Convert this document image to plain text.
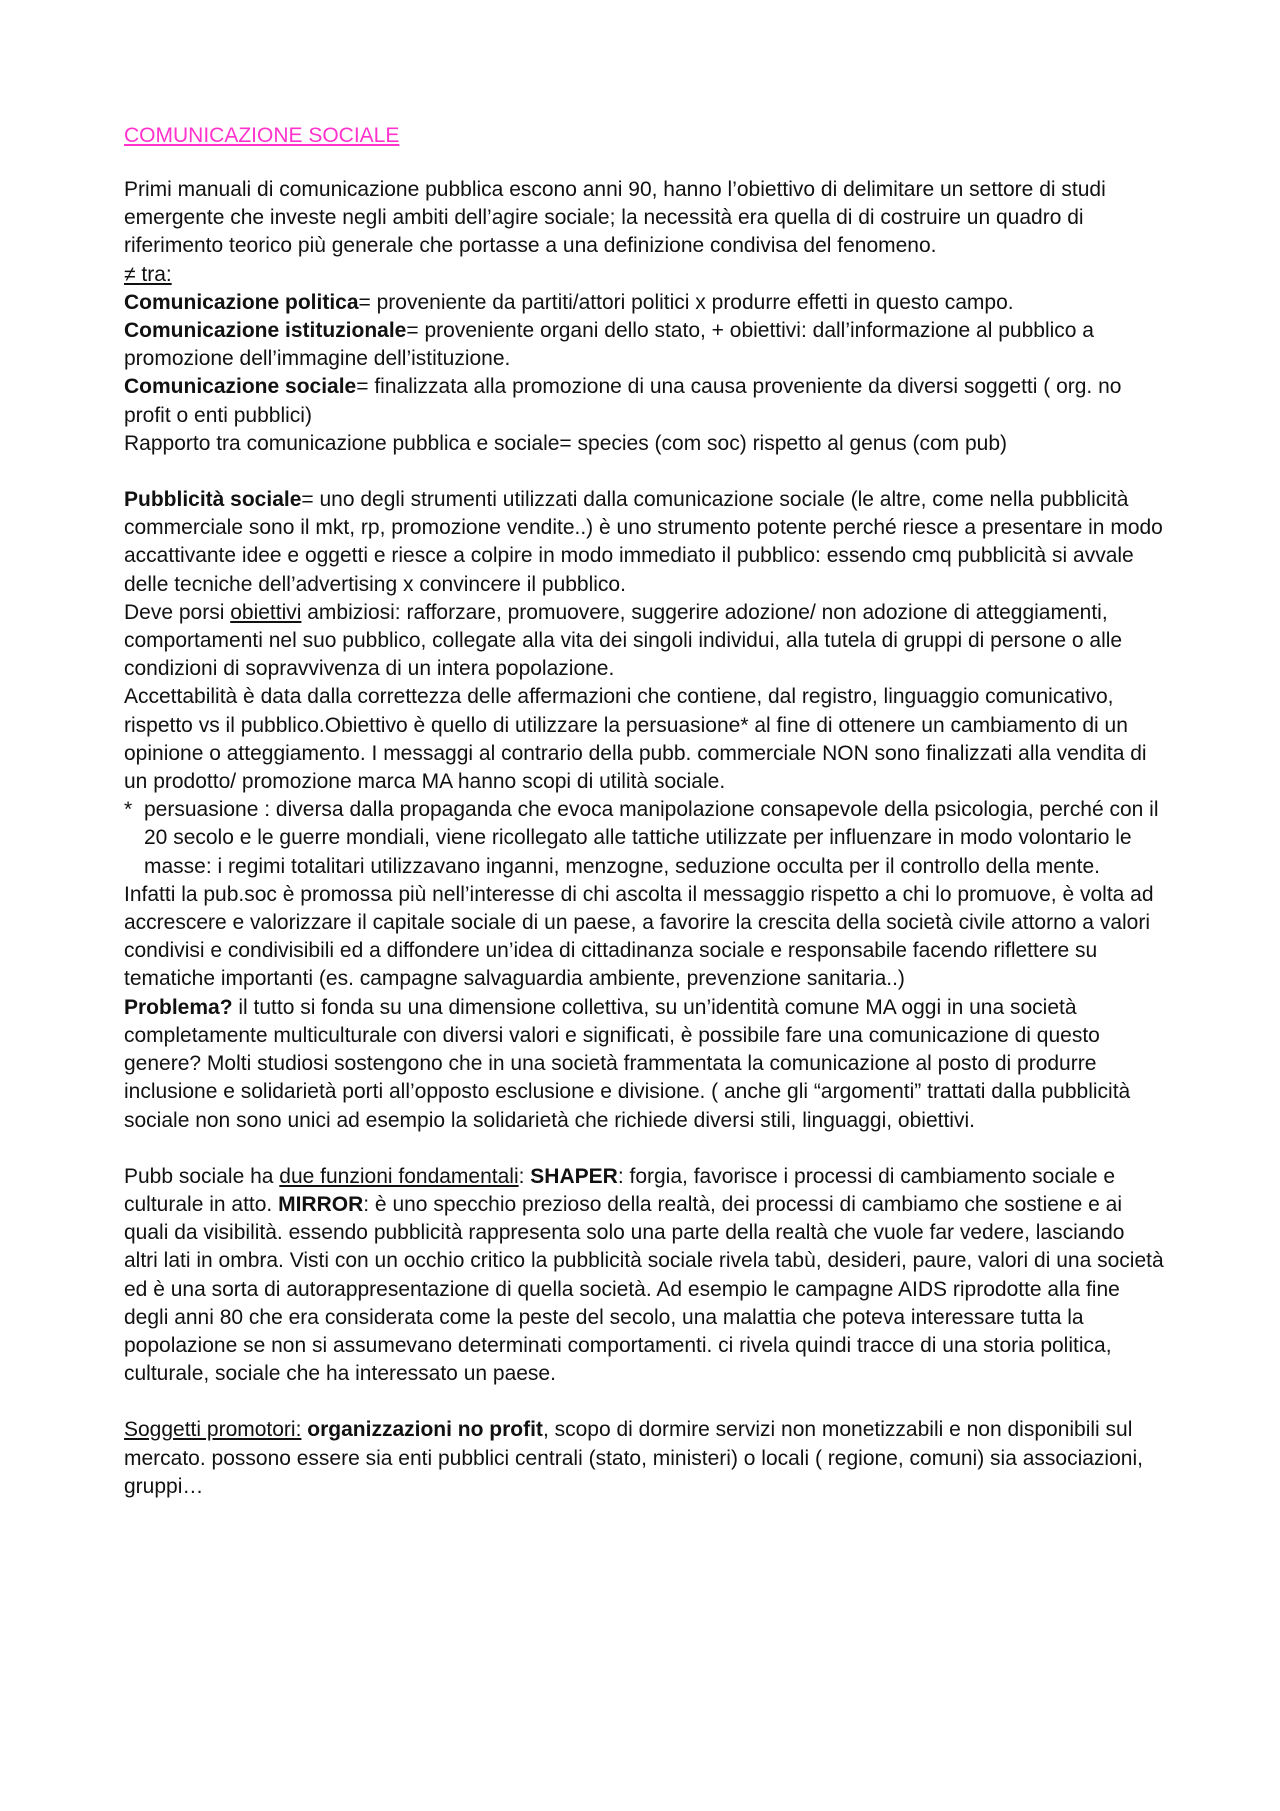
COMUNICAZIONE SOCIALE

Primi manuali di comunicazione pubblica escono anni 90, hanno l’obiettivo di delimitare un settore di studi emergente che investe negli ambiti dell’agire sociale; la necessità era quella di di costruire un quadro di riferimento teorico più generale che portasse a una definizione condivisa del fenomeno.

≠ tra:

Comunicazione politica= proveniente da partiti/attori politici x produrre effetti in questo campo.

Comunicazione istituzionale= proveniente organi dello stato, + obiettivi: dall’informazione al pubblico a promozione dell’immagine dell’istituzione.

Comunicazione sociale= finalizzata alla promozione di una causa proveniente da diversi soggetti ( org. no profit o enti pubblici)

Rapporto tra comunicazione pubblica e sociale= species (com soc) rispetto al genus (com pub)

Pubblicità sociale= uno degli strumenti utilizzati dalla comunicazione sociale (le altre, come nella pubblicità commerciale sono il mkt, rp, promozione vendite..) è uno strumento potente perché riesce a presentare in modo accattivante idee e oggetti e riesce a colpire in modo immediato il pubblico: essendo cmq pubblicità si avvale delle tecniche dell’advertising x convincere il pubblico.

Deve porsi obiettivi ambiziosi: rafforzare, promuovere, suggerire adozione/ non adozione di atteggiamenti, comportamenti nel suo pubblico, collegate alla vita dei singoli individui, alla tutela di gruppi di persone o alle condizioni di sopravvivenza di un intera popolazione.

Accettabilità è data dalla correttezza delle affermazioni che contiene, dal registro, linguaggio comunicativo, rispetto vs il pubblico.Obiettivo è quello di utilizzare la persuasione* al fine di ottenere un cambiamento di un opinione o atteggiamento. I messaggi al contrario della pubb. commerciale NON sono finalizzati alla vendita di un prodotto/ promozione marca MA hanno scopi di utilità sociale.

* persuasione : diversa dalla propaganda che evoca manipolazione consapevole della psicologia, perché con il 20 secolo e le guerre mondiali, viene ricollegato alle tattiche utilizzate per influenzare in modo volontario le masse: i regimi totalitari utilizzavano inganni, menzogne, seduzione occulta per il controllo della mente.

Infatti la pub.soc è promossa più nell’interesse di chi ascolta il messaggio rispetto a chi lo promuove, è volta ad accrescere e valorizzare il capitale sociale di un paese, a favorire la crescita della società civile attorno a valori condivisi e condivisibili ed a diffondere un’idea di cittadinanza sociale e responsabile facendo riflettere su tematiche importanti (es. campagne salvaguardia ambiente, prevenzione sanitaria..)

Problema? il tutto si fonda su una dimensione collettiva, su un’identità comune MA oggi in una società completamente multiculturale con diversi valori e significati, è possibile fare una comunicazione di questo genere? Molti studiosi sostengono che in una società frammentata la comunicazione al posto di produrre inclusione e solidarietà porti all’opposto esclusione e divisione. ( anche gli “argomenti” trattati dalla pubblicità sociale non sono unici ad esempio la solidarietà che richiede diversi stili, linguaggi, obiettivi.

Pubb sociale ha due funzioni fondamentali: SHAPER: forgia, favorisce i processi di cambiamento sociale e culturale in atto. MIRROR: è uno specchio prezioso della realtà, dei processi di cambiamo che sostiene e ai quali da visibilità. essendo pubblicità rappresenta solo una parte della realtà che vuole far vedere, lasciando altri lati in ombra. Visti con un occhio critico la pubblicità sociale rivela tabù, desideri, paure, valori di una società ed è una sorta di autorappresentazione di quella società. Ad esempio le campagne AIDS riprodotte alla fine degli anni 80 che era considerata come la peste del secolo, una malattia che poteva interessare tutta la popolazione se non si assumevano determinati comportamenti. ci rivela quindi tracce di una storia politica, culturale, sociale che ha interessato un paese.

Soggetti promotori: organizzazioni no profit, scopo di dormire servizi non monetizzabili e non disponibili sul mercato. possono essere sia enti pubblici centrali (stato, ministeri) o locali ( regione, comuni) sia associazioni, gruppi…
